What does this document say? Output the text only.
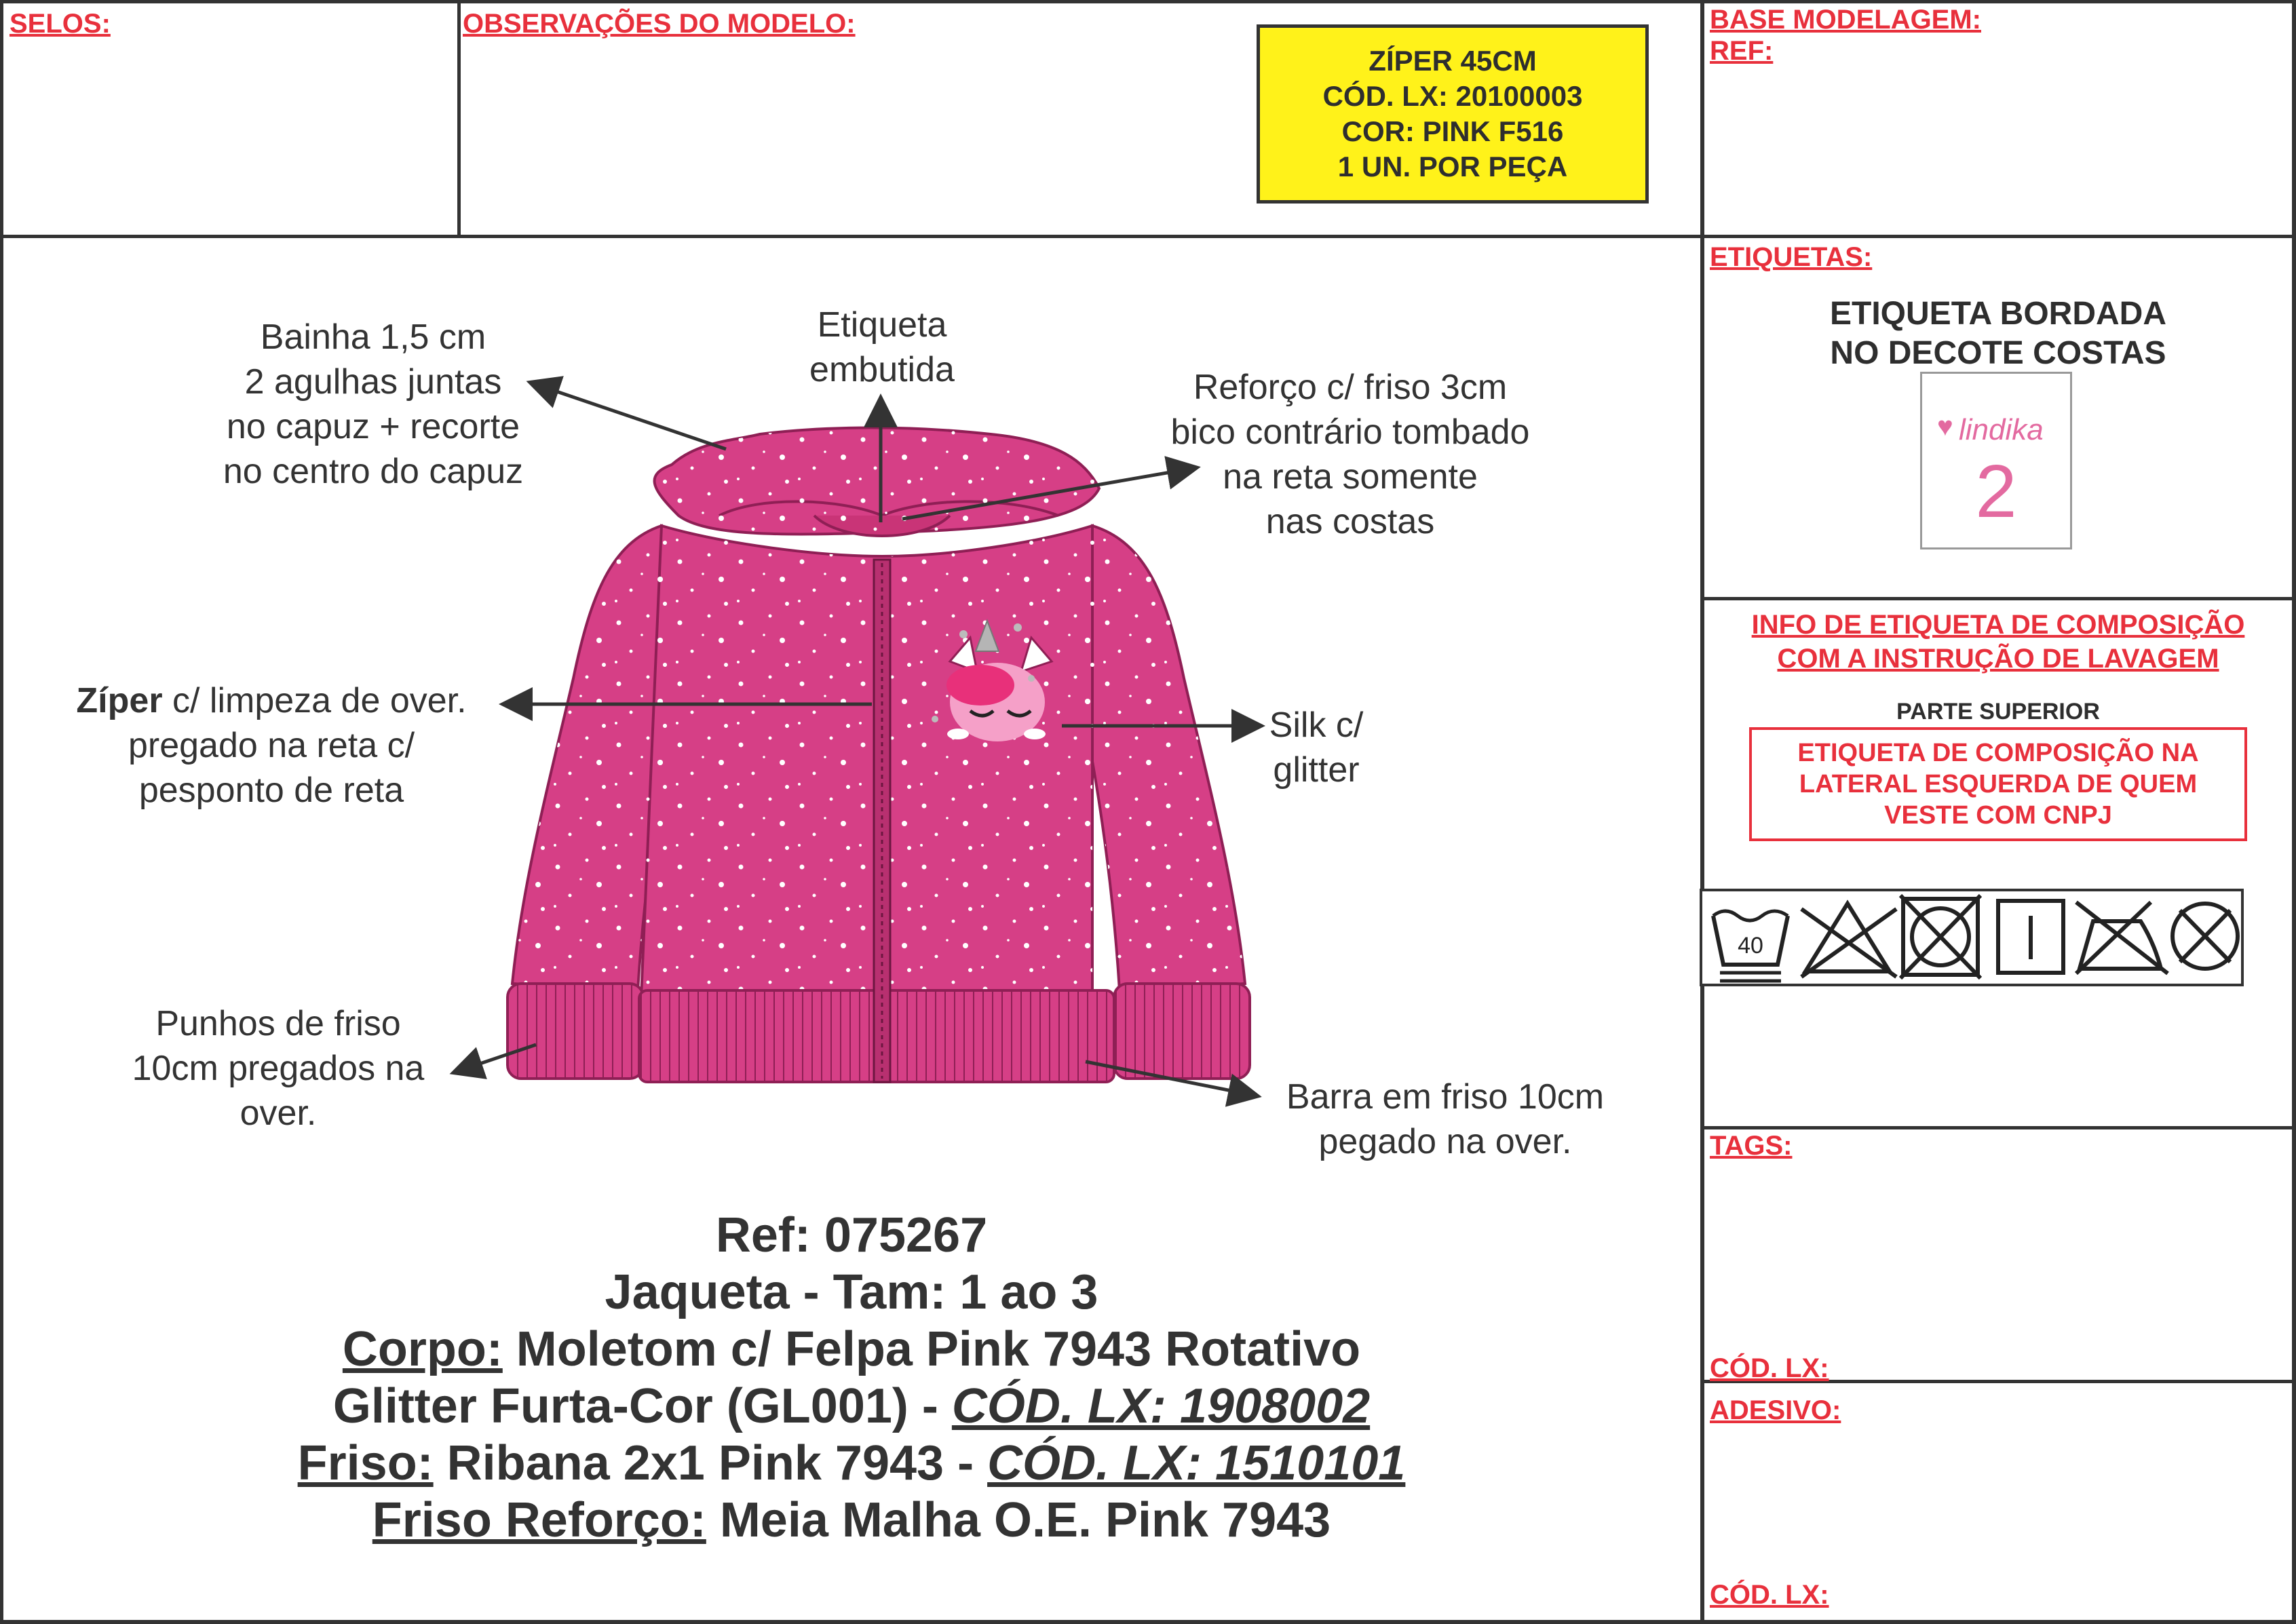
SELOS:	OBSERVAÇÕES DO MODELO:	BASE MODELAGEM:
REF:
ZÍPER 45CM
CÓD. LX: 20100003
COR: PINK F516
1 UN. POR PEÇA
Bainha 1,5 cm
2 agulhas juntas
no capuz + recorte
no centro do capuz
Etiqueta
embutida	Reforço c/ friso 3cm
bico contrário tombado
na reta somente
nas costas
Zíper c/ limpeza de over.
pregado na reta c/
pesponto de reta
Silk c/
glitter
Punhos de friso
10cm pregados na
over.	Barra em friso 10cm
pegado na over.
Ref: 075267
Jaqueta - Tam: 1 ao 3
Corpo: Moletom c/ Felpa Pink 7943 Rotativo
Glitter Furta-Cor (GL001) - CÓD. LX: 1908002
Friso: Ribana 2x1 Pink 7943 - CÓD. LX: 1510101
Friso Reforço: Meia Malha O.E. Pink 7943
ETIQUETAS:
ETIQUETA BORDADA
NO DECOTE COSTAS
♥ lindika
2
INFO DE ETIQUETA DE COMPOSIÇÃO
COM A INSTRUÇÃO DE LAVAGEM
PARTE SUPERIOR
ETIQUETA DE COMPOSIÇÃO NA
LATERAL ESQUERDA DE QUEM
VESTE COM CNPJ
40
TAGS:
CÓD. LX:
ADESIVO:
CÓD. LX:
